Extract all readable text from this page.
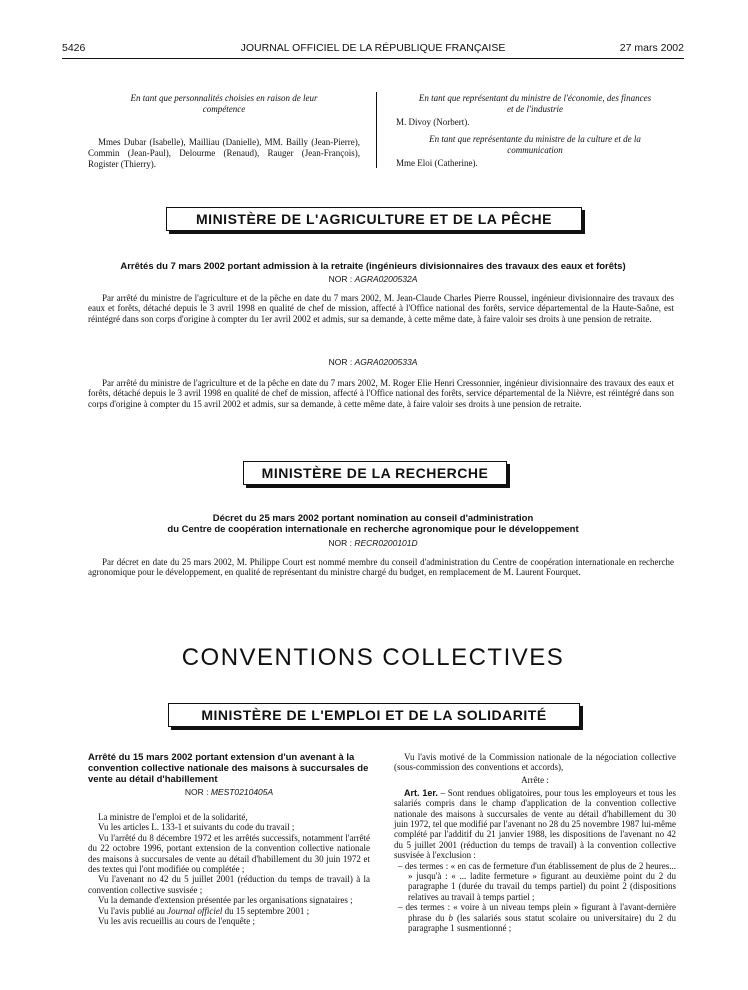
5426	JOURNAL OFFICIEL DE LA RÉPUBLIQUE FRANÇAISE	27 mars 2002
En tant que personnalités choisies en raison de leur compétence
Mmes Dubar (Isabelle), Mailliau (Danielle), MM. Bailly (Jean-Pierre), Commin (Jean-Paul), Delourme (Renaud), Rauger (Jean-François), Rogister (Thierry).
En tant que représentant du ministre de l'économie, des finances et de l'industrie
M. Divoy (Norbert).
En tant que représentante du ministre de la culture et de la communication
Mme Eloi (Catherine).
MINISTÈRE DE L'AGRICULTURE ET DE LA PÊCHE
Arrêtés du 7 mars 2002 portant admission à la retraite (ingénieurs divisionnaires des travaux des eaux et forêts)
NOR : AGRA0200532A
Par arrêté du ministre de l'agriculture et de la pêche en date du 7 mars 2002, M. Jean-Claude Charles Pierre Roussel, ingénieur divisionnaire des travaux des eaux et forêts, détaché depuis le 3 avril 1998 en qualité de chef de mission, affecté à l'Office national des forêts, service départemental de la Haute-Saône, est réintégré dans son corps d'origine à compter du 1er avril 2002 et admis, sur sa demande, à cette même date, à faire valoir ses droits à une pension de retraite.
NOR : AGRA0200533A
Par arrêté du ministre de l'agriculture et de la pêche en date du 7 mars 2002, M. Roger Elie Henri Cressonnier, ingénieur divisionnaire des travaux des eaux et forêts, détaché depuis le 3 avril 1998 en qualité de chef de mission, affecté à l'Office national des forêts, service départemental de la Nièvre, est réintégré dans son corps d'origine à compter du 15 avril 2002 et admis, sur sa demande, à cette même date, à faire valoir ses droits à une pension de retraite.
MINISTÈRE DE LA RECHERCHE
Décret du 25 mars 2002 portant nomination au conseil d'administration
du Centre de coopération internationale en recherche agronomique pour le développement
NOR : RECR0200101D
Par décret en date du 25 mars 2002, M. Philippe Court est nommé membre du conseil d'administration du Centre de coopération internationale en recherche agronomique pour le développement, en qualité de représentant du ministre chargé du budget, en remplacement de M. Laurent Fourquet.
CONVENTIONS COLLECTIVES
MINISTÈRE DE L'EMPLOI ET DE LA SOLIDARITÉ
Arrêté du 15 mars 2002 portant extension d'un avenant à la convention collective nationale des maisons à succursales de vente au détail d'habillement
NOR : MEST0210405A

La ministre de l'emploi et de la solidarité,

Vu les articles L. 133-1 et suivants du code du travail ;

Vu l'arrêté du 8 décembre 1972 et les arrêtés successifs, notamment l'arrêté du 22 octobre 1996, portant extension de la convention collective nationale des maisons à succursales de vente au détail d'habillement du 30 juin 1972 et des textes qui l'ont modifiée ou complétée ;

Vu l'avenant no 42 du 5 juillet 2001 (réduction du temps de travail) à la convention collective susvisée ;

Vu la demande d'extension présentée par les organisations signataires ;

Vu l'avis publié au Journal officiel du 15 septembre 2001 ;

Vu les avis recueillis au cours de l'enquête ;

Vu l'avis motivé de la Commission nationale de la négociation collective (sous-commission des conventions et accords),

Arrête :

Art. 1er. – Sont rendues obligatoires, pour tous les employeurs et tous les salariés compris dans le champ d'application de la convention collective nationale des maisons à succursales de vente au détail d'habillement du 30 juin 1972, tel que modifié par l'avenant no 28 du 25 novembre 1987 lui-même complété par l'additif du 21 janvier 1988, les dispositions de l'avenant no 42 du 5 juillet 2001 (réduction du temps de travail) à la convention collective susvisée à l'exclusion :

– des termes : « en cas de fermeture d'un établissement de plus de 2 heures... » jusqu'à : « ... ladite fermeture » figurant au deuxième point du 2 du paragraphe 1 (durée du travail du temps partiel) du point 2 (dispositions relatives au travail à temps partiel ;

– des termes : « voire à un niveau temps plein » figurant à l'avant-dernière phrase du b (les salariés sous statut scolaire ou universitaire) du 2 du paragraphe 1 susmentionné ;
